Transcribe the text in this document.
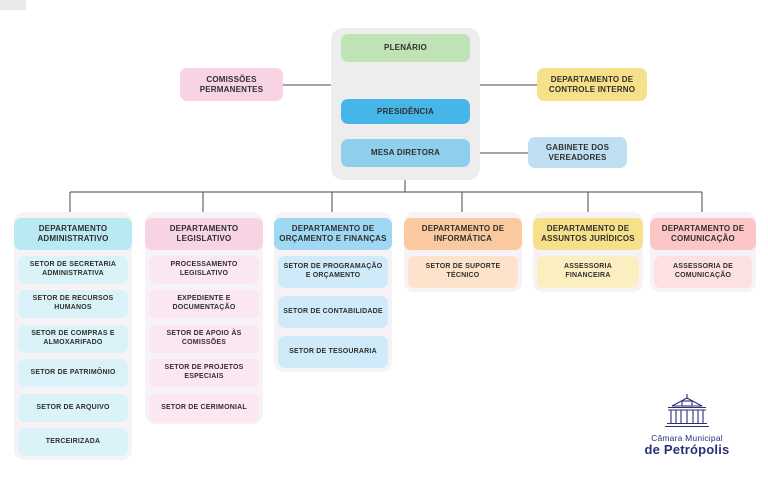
PLENÁRIO
COMISSÕES PERMANENTES
DEPARTAMENTO DE CONTROLE INTERNO
PRESIDÊNCIA
MESA DIRETORA
GABINETE DOS VEREADORES
DEPARTAMENTO ADMINISTRATIVO
SETOR DE SECRETARIA ADMINISTRATIVA
SETOR DE RECURSOS HUMANOS
SETOR DE COMPRAS E ALMOXARIFADO
SETOR DE PATRIMÔNIO
SETOR DE ARQUIVO
TERCEIRIZADA
DEPARTAMENTO LEGISLATIVO
PROCESSAMENTO LEGISLATIVO
EXPEDIENTE E DOCUMENTAÇÃO
SETOR DE APOIO ÀS COMISSÕES
SETOR DE PROJETOS ESPECIAIS
SETOR DE CERIMONIAL
DEPARTAMENTO DE ORÇAMENTO E FINANÇAS
SETOR DE PROGRAMAÇÃO E ORÇAMENTO
SETOR DE CONTABILIDADE
SETOR DE TESOURARIA
DEPARTAMENTO DE INFORMÁTICA
SETOR DE SUPORTE TÉCNICO
DEPARTAMENTO DE ASSUNTOS JURÍDICOS
ASSESSORIA FINANCEIRA
DEPARTAMENTO DE COMUNICAÇÃO
ASSESSORIA DE COMUNICAÇÃO
Câmara Municipal
de Petrópolis
